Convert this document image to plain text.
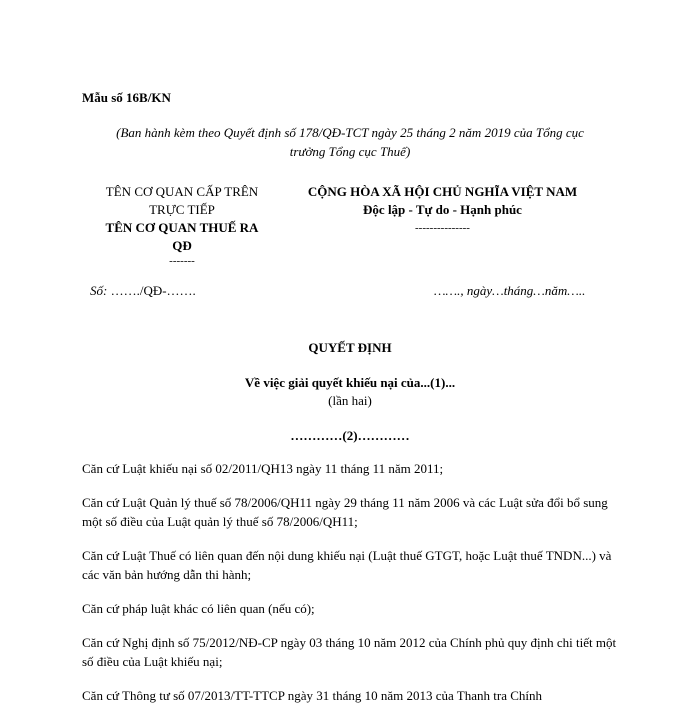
Mẫu số 16B/KN
(Ban hành kèm theo Quyết định số 178/QĐ-TCT ngày 25 tháng 2 năm 2019 của Tổng cục
trưởng Tổng cục Thuế)
TÊN CƠ QUAN CẤP TRÊN
TRỰC TIẾP
TÊN CƠ QUAN THUẾ RA
QĐ
-------
CỘNG HÒA XÃ HỘI CHỦ NGHĨA VIỆT NAM
Độc lập - Tự do - Hạnh phúc
---------------
Số: ……./QĐ-…….	……., ngày…tháng…năm…..
QUYẾT ĐỊNH
Về việc giải quyết khiếu nại của...(1)...
(lần hai)
…………(2)…………
Căn cứ Luật khiếu nại số 02/2011/QH13 ngày 11 tháng 11 năm 2011;
Căn cứ Luật Quản lý thuế số 78/2006/QH11 ngày 29 tháng 11 năm 2006 và các Luật sửa đổi bổ sung một số điều của Luật quản lý thuế số 78/2006/QH11;
Căn cứ Luật Thuế có liên quan đến nội dung khiếu nại (Luật thuế GTGT, hoặc Luật thuế TNDN...) và các văn bản hướng dẫn thi hành;
Căn cứ pháp luật khác có liên quan (nếu có);
Căn cứ Nghị định số 75/2012/NĐ-CP ngày 03 tháng 10 năm 2012 của Chính phủ quy định chi tiết một số điều của Luật khiếu nại;
Căn cứ Thông tư số 07/2013/TT-TTCP ngày 31 tháng 10 năm 2013 của Thanh tra Chính
